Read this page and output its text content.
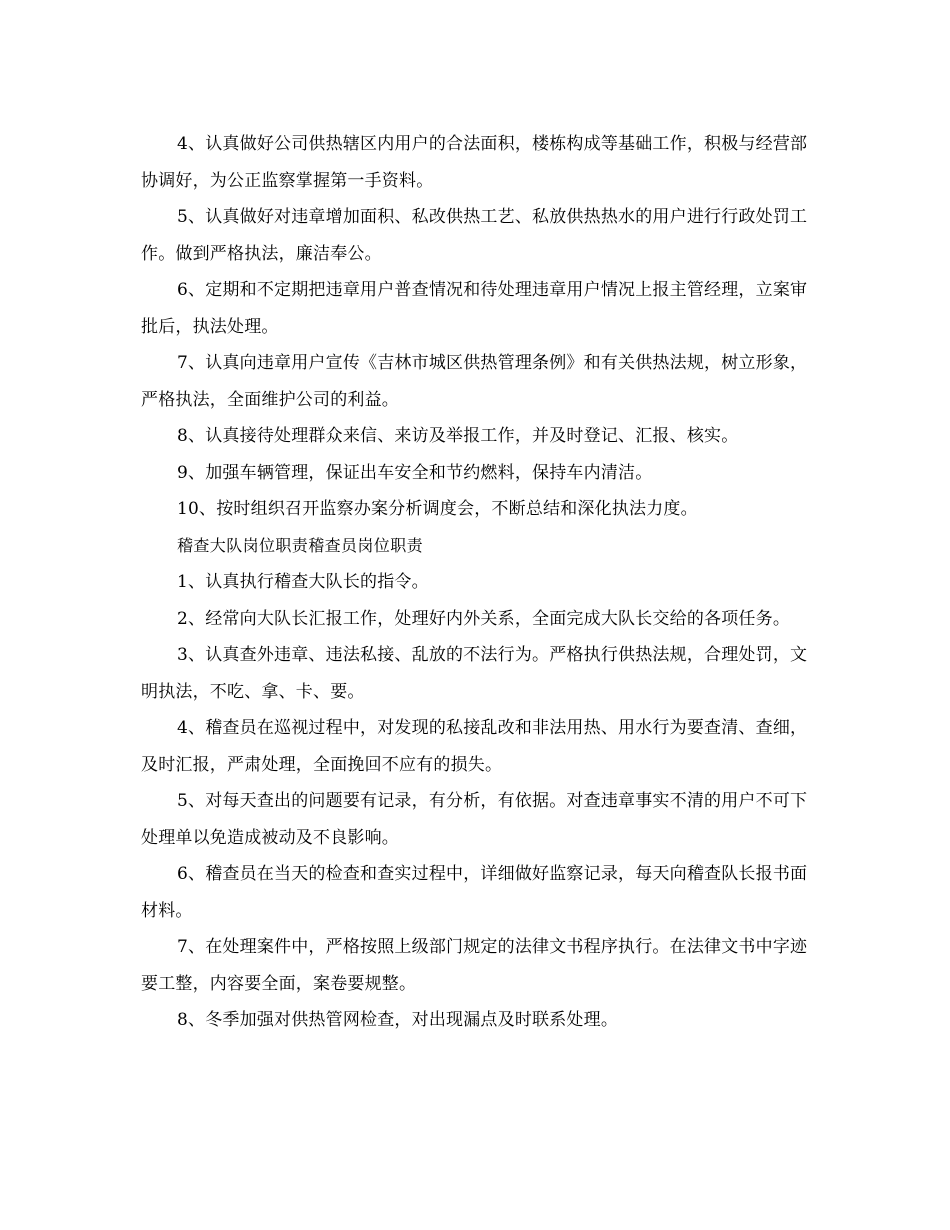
4、认真做好公司供热辖区内用户的合法面积，楼栋构成等基础工作，积极与经营部协调好，为公正监察掌握第一手资料。

5、认真做好对违章增加面积、私改供热工艺、私放供热热水的用户进行行政处罚工作。做到严格执法，廉洁奉公。

6、定期和不定期把违章用户普查情况和待处理违章用户情况上报主管经理，立案审批后，执法处理。

7、认真向违章用户宣传《吉林市城区供热管理条例》和有关供热法规，树立形象，严格执法，全面维护公司的利益。

8、认真接待处理群众来信、来访及举报工作，并及时登记、汇报、核实。

9、加强车辆管理，保证出车安全和节约燃料，保持车内清洁。

10、按时组织召开监察办案分析调度会，不断总结和深化执法力度。

稽查大队岗位职责稽查员岗位职责

1、认真执行稽查大队长的指令。

2、经常向大队长汇报工作，处理好内外关系，全面完成大队长交给的各项任务。

3、认真查外违章、违法私接、乱放的不法行为。严格执行供热法规，合理处罚，文明执法，不吃、拿、卡、要。

4、稽查员在巡视过程中，对发现的私接乱改和非法用热、用水行为要查清、查细，及时汇报，严肃处理，全面挽回不应有的损失。

5、对每天查出的问题要有记录，有分析，有依据。对查违章事实不清的用户不可下处理单以免造成被动及不良影响。

6、稽查员在当天的检查和查实过程中，详细做好监察记录，每天向稽查队长报书面材料。

7、在处理案件中，严格按照上级部门规定的法律文书程序执行。在法律文书中字迹要工整，内容要全面，案卷要规整。

8、冬季加强对供热管网检查，对出现漏点及时联系处理。
